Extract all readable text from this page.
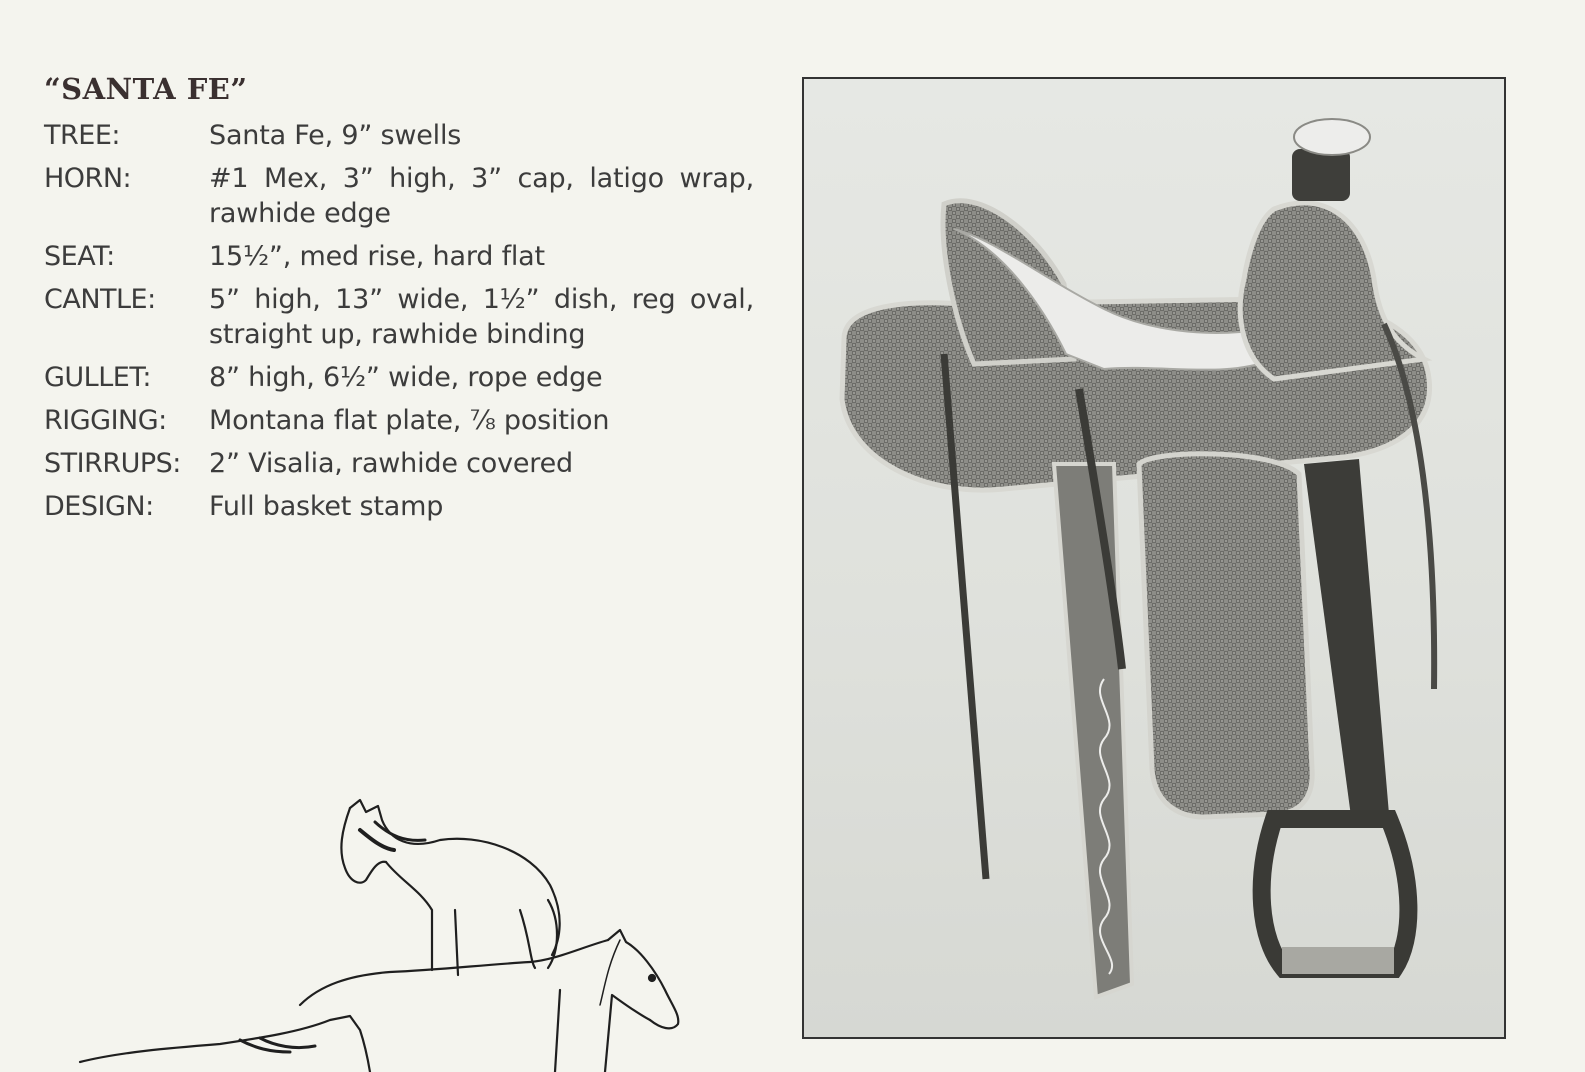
“SANTA FE”
TREE:	Santa Fe, 9” swells
HORN:	#1 Mex, 3” high, 3” cap, latigo wrap, rawhide edge
SEAT:	15½”, med rise, hard flat
CANTLE:	5” high, 13” wide, 1½” dish, reg oval, straight up, rawhide binding
GULLET:	8” high, 6½” wide, rope edge
RIGGING:	Montana flat plate, ⅞ position
STIRRUPS:	2” Visalia, rawhide covered
DESIGN:	Full basket stamp
